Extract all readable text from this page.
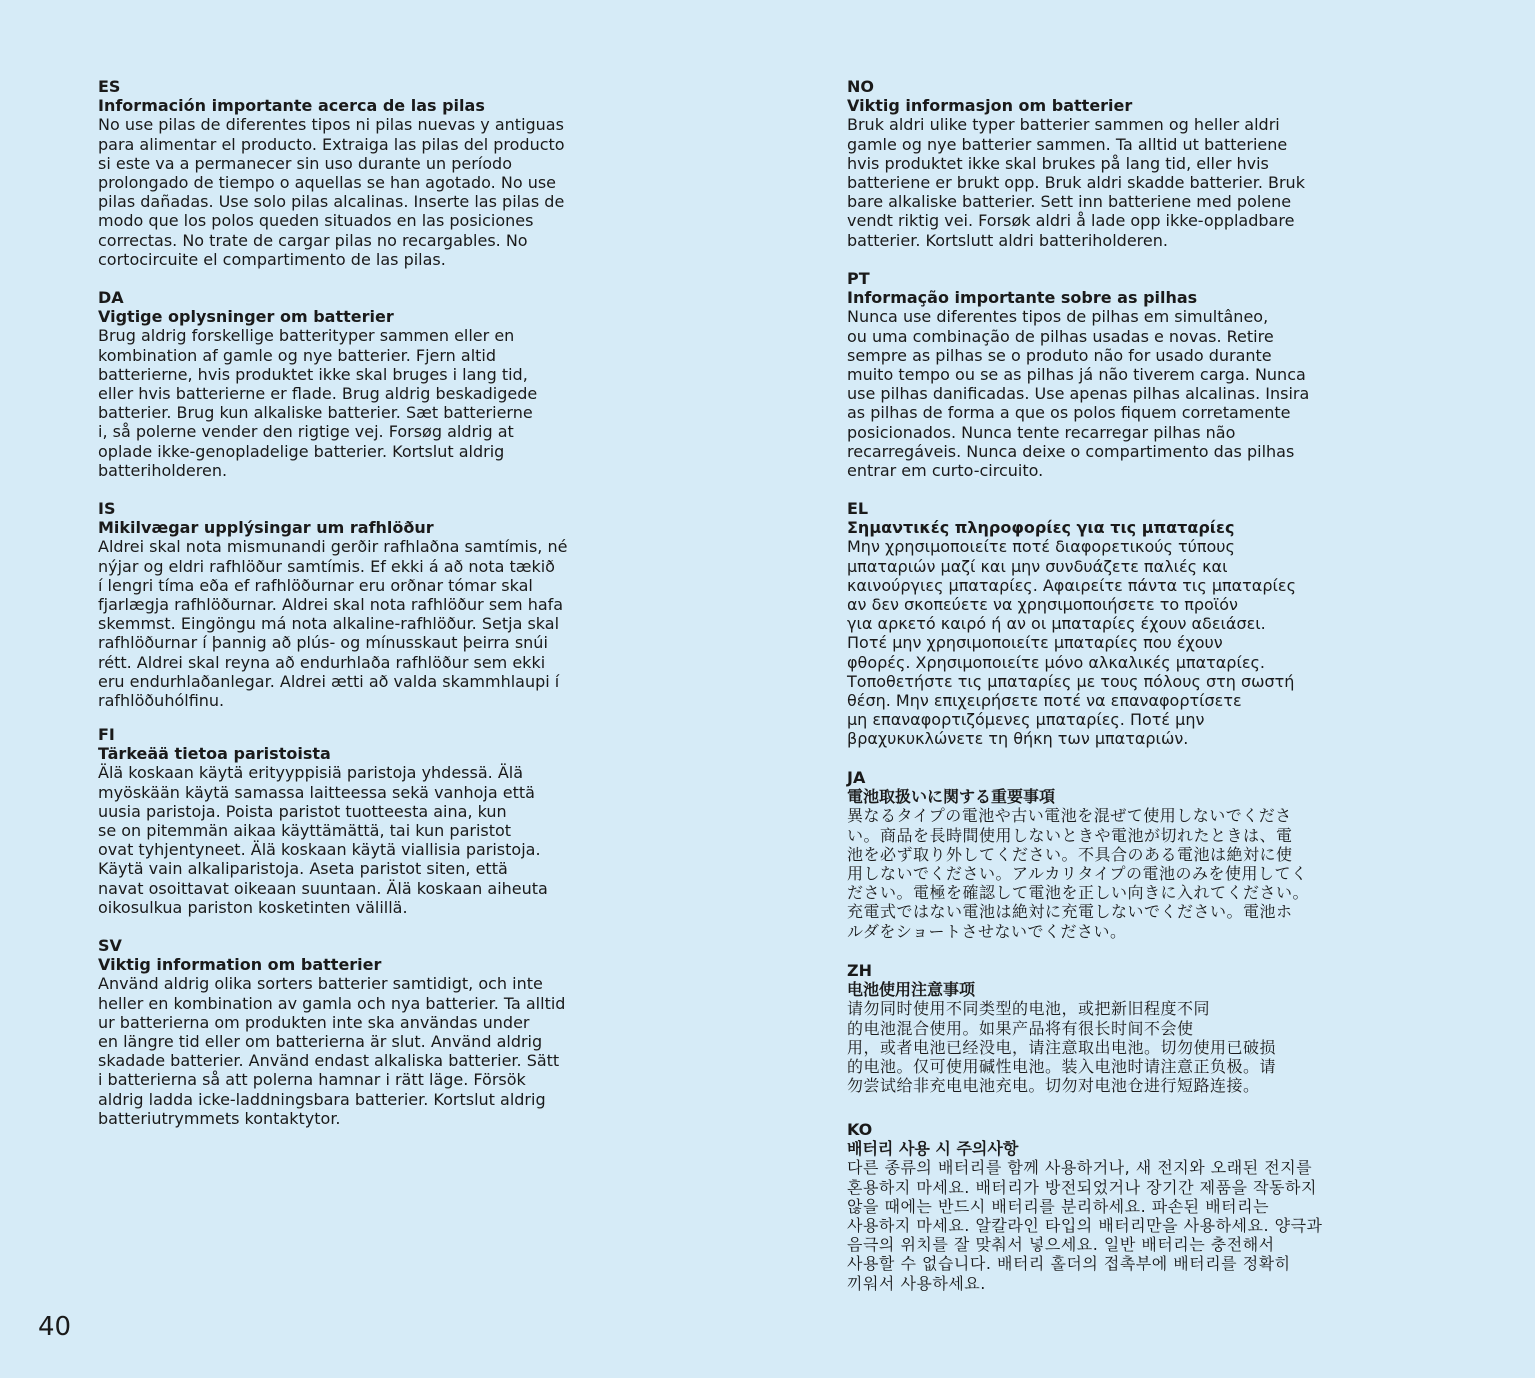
ES
Información importante acerca de las pilas
No use pilas de diferentes tipos ni pilas nuevas y antiguas
para alimentar el producto. Extraiga las pilas del producto
si este va a permanecer sin uso durante un período
prolongado de tiempo o aquellas se han agotado. No use
pilas dañadas. Use solo pilas alcalinas. Inserte las pilas de
modo que los polos queden situados en las posiciones
correctas. No trate de cargar pilas no recargables. No
cortocircuite el compartimento de las pilas.
DA
Vigtige oplysninger om batterier
Brug aldrig forskellige batterityper sammen eller en
kombination af gamle og nye batterier. Fjern altid
batterierne, hvis produktet ikke skal bruges i lang tid,
eller hvis batterierne er flade. Brug aldrig beskadigede
batterier. Brug kun alkaliske batterier. Sæt batterierne
i, så polerne vender den rigtige vej. Forsøg aldrig at
oplade ikke-genopladelige batterier. Kortslut aldrig
batteriholderen.
IS
Mikilvægar upplýsingar um rafhlöður
Aldrei skal nota mismunandi gerðir rafhlaðna samtímis, né
nýjar og eldri rafhlöður samtímis. Ef ekki á að nota tækið
í lengri tíma eða ef rafhlöðurnar eru orðnar tómar skal
fjarlægja rafhlöðurnar. Aldrei skal nota rafhlöður sem hafa
skemmst. Eingöngu má nota alkaline-rafhlöður. Setja skal
rafhlöðurnar í þannig að plús- og mínusskaut þeirra snúi
rétt. Aldrei skal reyna að endurhlaða rafhlöður sem ekki
eru endurhlaðanlegar. Aldrei ætti að valda skammhlaupi í
rafhlöðuhólfinu.
FI
Tärkeää tietoa paristoista
Älä koskaan käytä erityyppisiä paristoja yhdessä. Älä
myöskään käytä samassa laitteessa sekä vanhoja että
uusia paristoja. Poista paristot tuotteesta aina, kun
se on pitemmän aikaa käyttämättä, tai kun paristot
ovat tyhjentyneet. Älä koskaan käytä viallisia paristoja.
Käytä vain alkaliparistoja. Aseta paristot siten, että
navat osoittavat oikeaan suuntaan. Älä koskaan aiheuta
oikosulkua pariston kosketinten välillä.
SV
Viktig information om batterier
Använd aldrig olika sorters batterier samtidigt, och inte
heller en kombination av gamla och nya batterier. Ta alltid
ur batterierna om produkten inte ska användas under
en längre tid eller om batterierna är slut. Använd aldrig
skadade batterier. Använd endast alkaliska batterier. Sätt
i batterierna så att polerna hamnar i rätt läge. Försök
aldrig ladda icke-laddningsbara batterier. Kortslut aldrig
batteriutrymmets kontaktytor.
NO
Viktig informasjon om batterier
Bruk aldri ulike typer batterier sammen og heller aldri
gamle og nye batterier sammen. Ta alltid ut batteriene
hvis produktet ikke skal brukes på lang tid, eller hvis
batteriene er brukt opp. Bruk aldri skadde batterier. Bruk
bare alkaliske batterier. Sett inn batteriene med polene
vendt riktig vei. Forsøk aldri å lade opp ikke-oppladbare
batterier. Kortslutt aldri batteriholderen.
PT
Informação importante sobre as pilhas
Nunca use diferentes tipos de pilhas em simultâneo,
ou uma combinação de pilhas usadas e novas. Retire
sempre as pilhas se o produto não for usado durante
muito tempo ou se as pilhas já não tiverem carga. Nunca
use pilhas danificadas. Use apenas pilhas alcalinas. Insira
as pilhas de forma a que os polos fiquem corretamente
posicionados. Nunca tente recarregar pilhas não
recarregáveis. Nunca deixe o compartimento das pilhas
entrar em curto-circuito.
EL
Σημαντικές πληροφορίες για τις μπαταρίες
Μην χρησιμοποιείτε ποτέ διαφορετικούς τύπους
μπαταριών μαζί και μην συνδυάζετε παλιές και
καινούργιες μπαταρίες. Αφαιρείτε πάντα τις μπαταρίες
αν δεν σκοπεύετε να χρησιμοποιήσετε το προϊόν
για αρκετό καιρό ή αν οι μπαταρίες έχουν αδειάσει.
Ποτέ μην χρησιμοποιείτε μπαταρίες που έχουν
φθορές. Χρησιμοποιείτε μόνο αλκαλικές μπαταρίες.
Τοποθετήστε τις μπαταρίες με τους πόλους στη σωστή
θέση. Μην επιχειρήσετε ποτέ να επαναφορτίσετε
μη επαναφορτιζόμενες μπαταρίες. Ποτέ μην
βραχυκυκλώνετε τη θήκη των μπαταριών.
JA
電池取扱いに関する重要事項
異なるタイプの電池や古い電池を混ぜて使用しないでくださ
い。商品を長時間使用しないときや電池が切れたときは、電
池を必ず取り外してください。不具合のある電池は絶対に使
用しないでください。アルカリタイプの電池のみを使用してく
ださい。電極を確認して電池を正しい向きに入れてください。
充電式ではない電池は絶対に充電しないでください。電池ホ
ルダをショートさせないでください。
ZH
电池使用注意事项
请勿同时使用不同类型的电池，或把新旧程度不同
的电池混合使用。如果产品将有很长时间不会使
用，或者电池已经没电，请注意取出电池。切勿使用已破损
的电池。仅可使用碱性电池。装入电池时请注意正负极。请
勿尝试给非充电电池充电。切勿对电池仓进行短路连接。
KO
배터리 사용 시 주의사항
다른 종류의 배터리를 함께 사용하거나, 새 전지와 오래된 전지를
혼용하지 마세요. 배터리가 방전되었거나 장기간 제품을 작동하지
않을 때에는 반드시 배터리를 분리하세요. 파손된 배터리는
사용하지 마세요. 알칼라인 타입의 배터리만을 사용하세요. 양극과
음극의 위치를 잘 맞춰서 넣으세요. 일반 배터리는 충전해서
사용할 수 없습니다. 배터리 홀더의 접촉부에 배터리를 정확히
끼워서 사용하세요.
40
